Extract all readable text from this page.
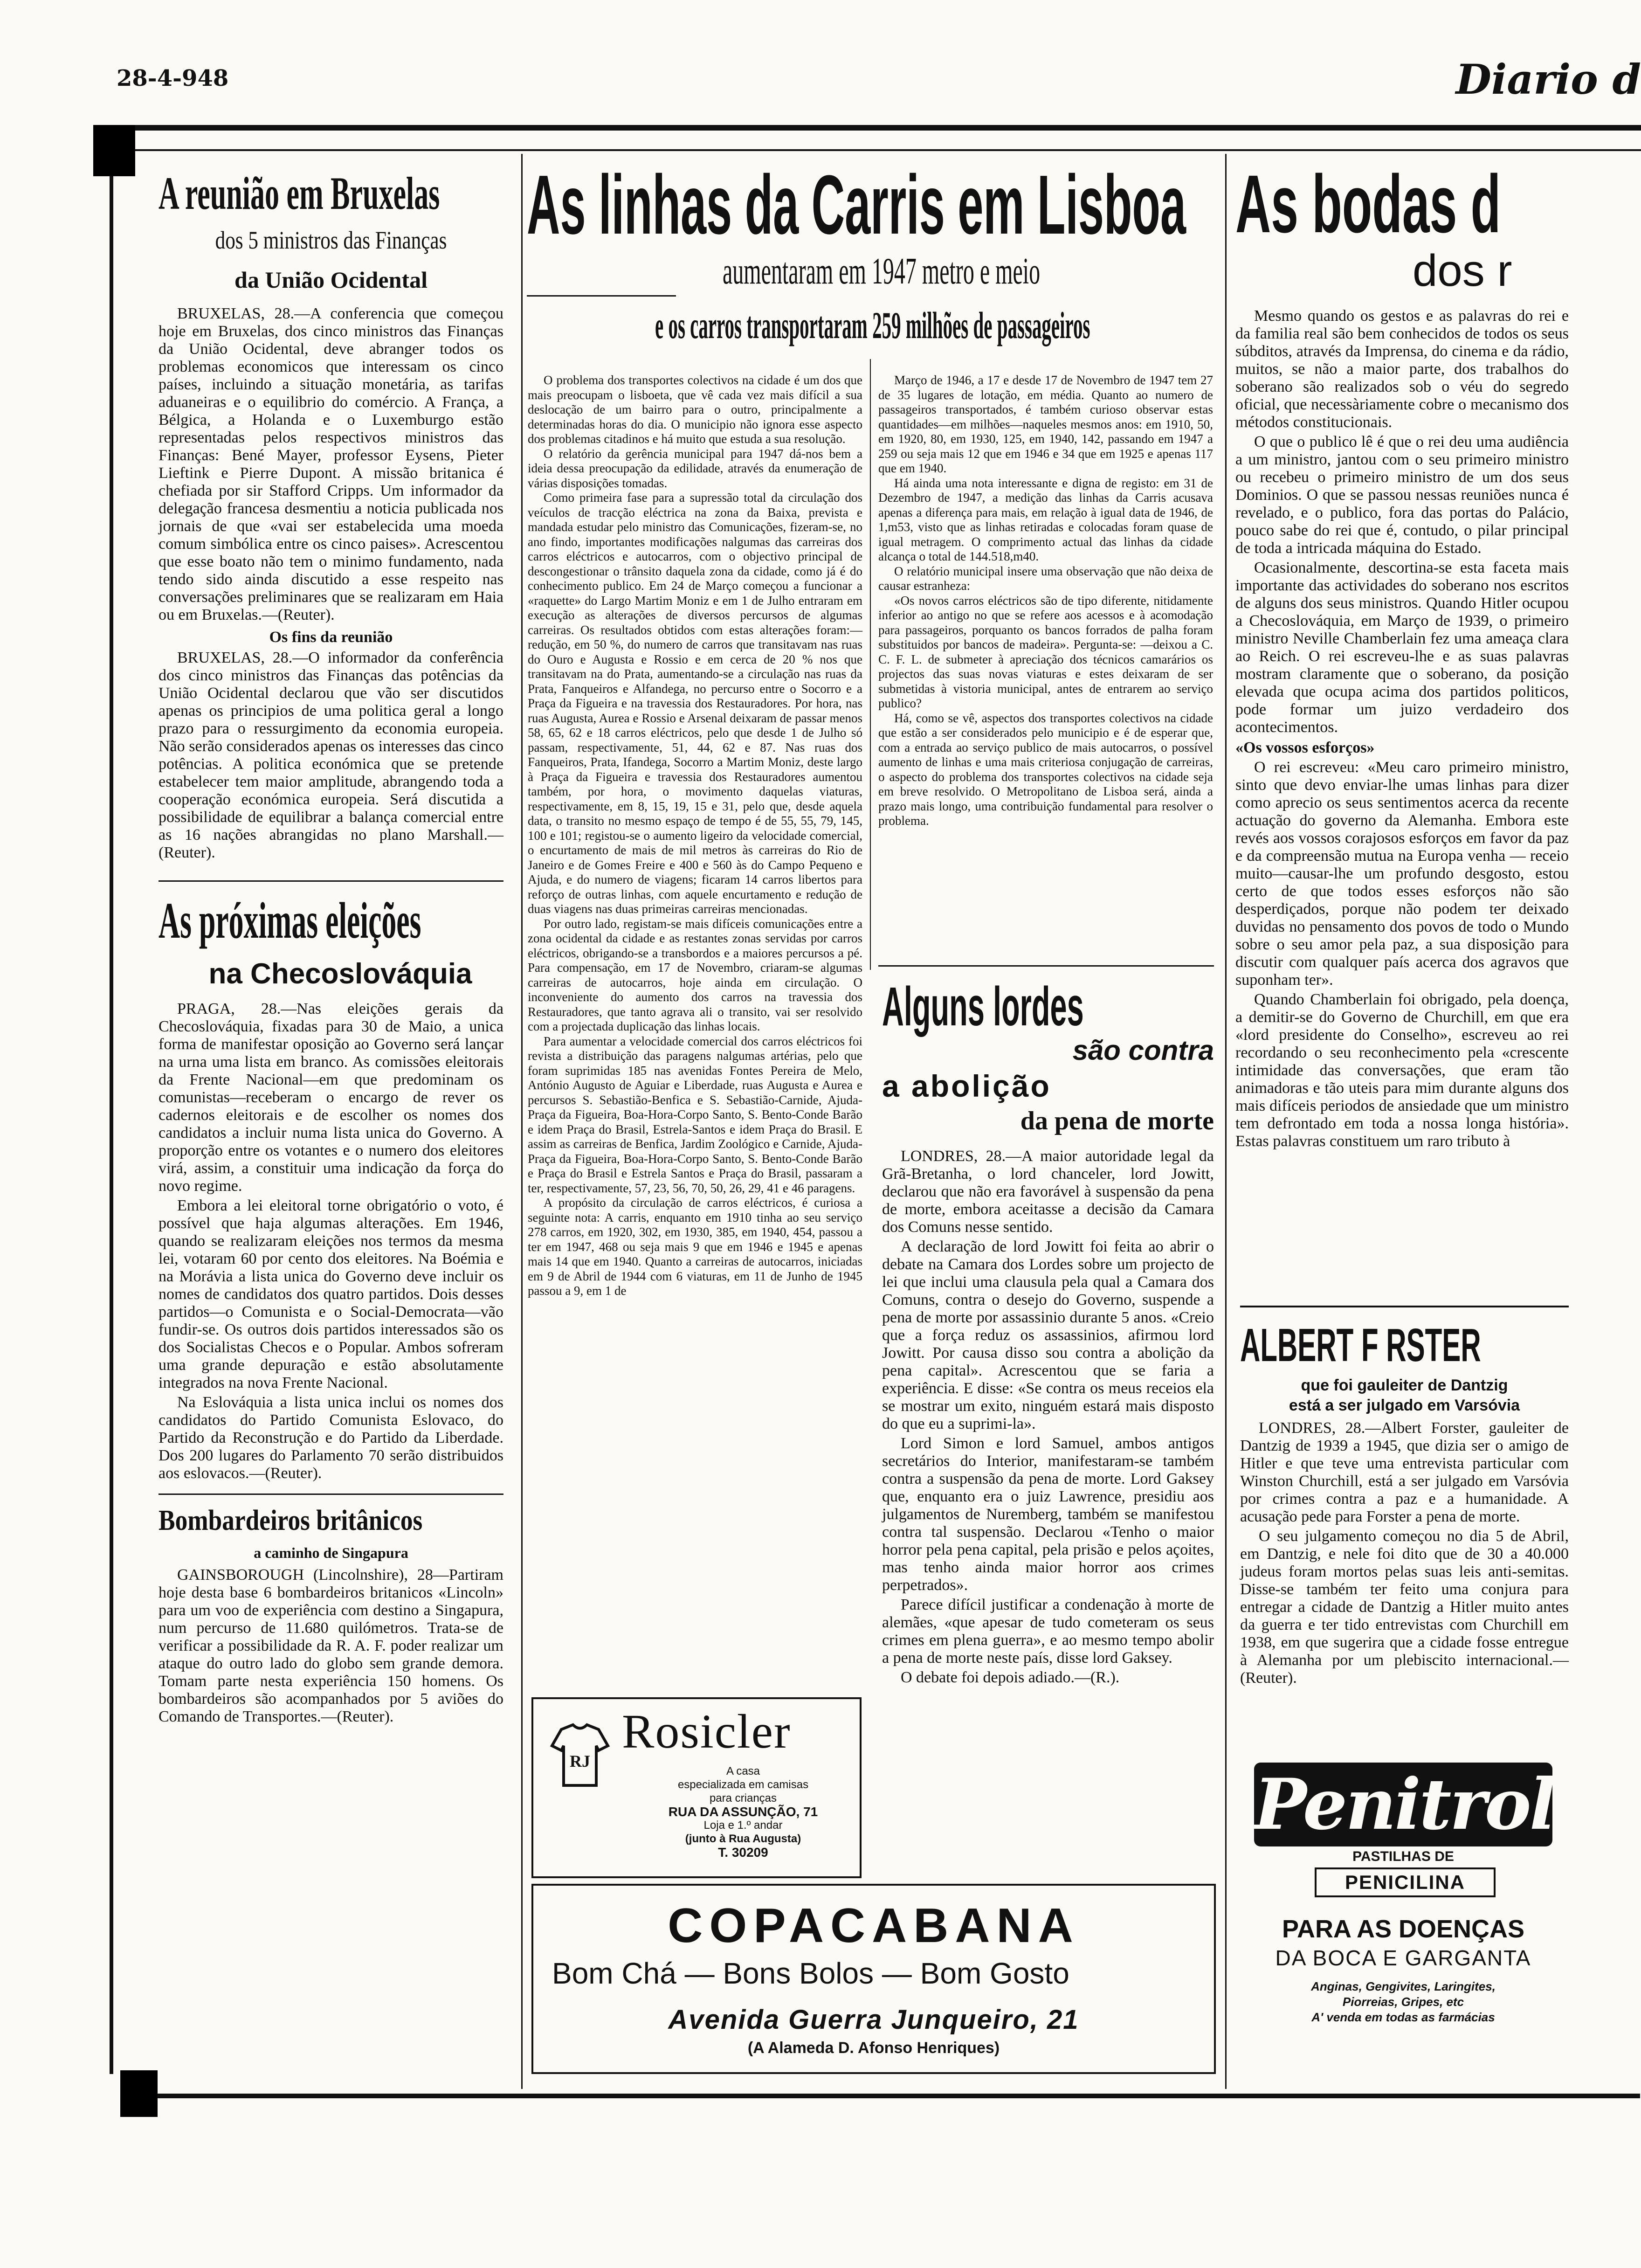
28-4-948	Diario d
A reunião em Bruxelas
dos 5 ministros das Finanças
da União Ocidental

BRUXELAS, 28.—A conferencia que começou hoje em Bruxelas, dos cinco ministros das Finanças da União Ocidental, deve abranger todos os problemas economicos que interessam os cinco países, incluindo a situação monetária, as tarifas aduaneiras e o equilibrio do comércio. A França, a Bélgica, a Holanda e o Luxemburgo estão representadas pelos respectivos ministros das Finanças: Bené Mayer, professor Eysens, Pieter Lieftink e Pierre Dupont. A missão britanica é chefiada por sir Stafford Cripps. Um informador da delegação francesa desmentiu a noticia publicada nos jornais de que «vai ser estabelecida uma moeda comum simbólica entre os cinco paises». Acrescentou que esse boato não tem o minimo fundamento, nada tendo sido ainda discutido a esse respeito nas conversações preliminares que se realizaram em Haia ou em Bruxelas.—(Reuter).

Os fins da reunião

BRUXELAS, 28.—O informador da conferência dos cinco ministros das Finanças das potências da União Ocidental declarou que vão ser discutidos apenas os principios de uma politica geral a longo prazo para o ressurgimento da economia europeia. Não serão considerados apenas os interesses das cinco potências. A politica económica que se pretende estabelecer tem maior amplitude, abrangendo toda a cooperação económica europeia. Será discutida a possibilidade de equilibrar a balança comercial entre as 16 nações abrangidas no plano Marshall.—(Reuter).

As próximas eleições
na Checoslováquia

PRAGA, 28.—Nas eleições gerais da Checoslováquia, fixadas para 30 de Maio, a unica forma de manifestar oposição ao Governo será lançar na urna uma lista em branco. As comissões eleitorais da Frente Nacional—em que predominam os comunistas—receberam o encargo de rever os cadernos eleitorais e de escolher os nomes dos candidatos a incluir numa lista unica do Governo. A proporção entre os votantes e o numero dos eleitores virá, assim, a constituir uma indicação da força do novo regime.

Embora a lei eleitoral torne obrigatório o voto, é possível que haja algumas alterações. Em 1946, quando se realizaram eleições nos termos da mesma lei, votaram 60 por cento dos eleitores. Na Boémia e na Morávia a lista unica do Governo deve incluir os nomes de candidatos dos quatro partidos. Dois desses partidos—o Comunista e o Social-Democrata—vão fundir-se. Os outros dois partidos interessados são os dos Socialistas Checos e o Popular. Ambos sofreram uma grande depuração e estão absolutamente integrados na nova Frente Nacional.

Na Eslováquia a lista unica inclui os nomes dos candidatos do Partido Comunista Eslovaco, do Partido da Reconstrução e do Partido da Liberdade. Dos 200 lugares do Parlamento 70 serão distribuidos aos eslovacos.—(Reuter).

Bombardeiros britânicos
a caminho de Singapura

GAINSBOROUGH (Lincolnshire), 28—Partiram hoje desta base 6 bombardeiros britanicos «Lincoln» para um voo de experiência com destino a Singapura, num percurso de 11.680 quilómetros. Trata-se de verificar a possibilidade da R. A. F. poder realizar um ataque do outro lado do globo sem grande demora. Tomam parte nesta experiência 150 homens. Os bombardeiros são acompanhados por 5 aviões do Comando de Transportes.—(Reuter).

As linhas da Carris em Lisboa
aumentaram em 1947 metro e meio
e os carros transportaram 259 milhões de passageiros

O problema dos transportes colectivos na cidade é um dos que mais preocupam o lisboeta, que vê cada vez mais difícil a sua deslocação de um bairro para o outro, principalmente a determinadas horas do dia. O municipio não ignora esse aspecto dos problemas citadinos e há muito que estuda a sua resolução.

O relatório da gerência municipal para 1947 dá-nos bem a ideia dessa preocupação da edilidade, através da enumeração de várias disposições tomadas.

Como primeira fase para a supressão total da circulação dos veículos de tracção eléctrica na zona da Baixa, prevista e mandada estudar pelo ministro das Comunicações, fizeram-se, no ano findo, importantes modificações nalgumas das carreiras dos carros eléctricos e autocarros, com o objectivo principal de descongestionar o trânsito daquela zona da cidade, como já é do conhecimento publico. Em 24 de Março começou a funcionar a «raquette» do Largo Martim Moniz e em 1 de Julho entraram em execução as alterações de diversos percursos de algumas carreiras. Os resultados obtidos com estas alterações foram:—redução, em 50 %, do numero de carros que transitavam nas ruas do Ouro e Augusta e Rossio e em cerca de 20 % nos que transitavam na do Prata, aumentando-se a circulação nas ruas da Prata, Fanqueiros e Alfandega, no percurso entre o Socorro e a Praça da Figueira e na travessia dos Restauradores. Por hora, nas ruas Augusta, Aurea e Rossio e Arsenal deixaram de passar menos 58, 65, 62 e 18 carros eléctricos, pelo que desde 1 de Julho só passam, respectivamente, 51, 44, 62 e 87. Nas ruas dos Fanqueiros, Prata, Ifandega, Socorro a Martim Moniz, deste largo à Praça da Figueira e travessia dos Restauradores aumentou também, por hora, o movimento daquelas viaturas, respectivamente, em 8, 15, 19, 15 e 31, pelo que, desde aquela data, o transito no mesmo espaço de tempo é de 55, 55, 79, 145, 100 e 101; registou-se o aumento ligeiro da velocidade comercial, o encurtamento de mais de mil metros às carreiras do Rio de Janeiro e de Gomes Freire e 400 e 560 às do Campo Pequeno e Ajuda, e do numero de viagens; ficaram 14 carros libertos para reforço de outras linhas, com aquele encurtamento e redução de duas viagens nas duas primeiras carreiras mencionadas.

Por outro lado, registam-se mais difíceis comunicações entre a zona ocidental da cidade e as restantes zonas servidas por carros eléctricos, obrigando-se a transbordos e a maiores percursos a pé. Para compensação, em 17 de Novembro, criaram-se algumas carreiras de autocarros, hoje ainda em circulação. O inconveniente do aumento dos carros na travessia dos Restauradores, que tanto agrava ali o transito, vai ser resolvido com a projectada duplicação das linhas locais.

Para aumentar a velocidade comercial dos carros eléctricos foi revista a distribuição das paragens nalgumas artérias, pelo que foram suprimidas 185 nas avenidas Fontes Pereira de Melo, António Augusto de Aguiar e Liberdade, ruas Augusta e Aurea e percursos S. Sebastião-Benfica e S. Sebastião-Carnide, Ajuda-Praça da Figueira, Boa-Hora-Corpo Santo, S. Bento-Conde Barão e idem Praça do Brasil, Estrela-Santos e idem Praça do Brasil. E assim as carreiras de Benfica, Jardim Zoológico e Carnide, Ajuda-Praça da Figueira, Boa-Hora-Corpo Santo, S. Bento-Conde Barão e Praça do Brasil e Estrela Santos e Praça do Brasil, passaram a ter, respectivamente, 57, 23, 56, 70, 50, 26, 29, 41 e 46 paragens.

A propósito da circulação de carros eléctricos, é curiosa a seguinte nota: A carris, enquanto em 1910 tinha ao seu serviço 278 carros, em 1920, 302, em 1930, 385, em 1940, 454, passou a ter em 1947, 468 ou seja mais 9 que em 1946 e 1945 e apenas mais 14 que em 1940. Quanto a carreiras de autocarros, iniciadas em 9 de Abril de 1944 com 6 viaturas, em 11 de Junho de 1945 passou a 9, em 1 de

Março de 1946, a 17 e desde 17 de Novembro de 1947 tem 27 de 35 lugares de lotação, em média. Quanto ao numero de passageiros transportados, é também curioso observar estas quantidades—em milhões—naqueles mesmos anos: em 1910, 50, em 1920, 80, em 1930, 125, em 1940, 142, passando em 1947 a 259 ou seja mais 12 que em 1946 e 34 que em 1925 e apenas 117 que em 1940.

Há ainda uma nota interessante e digna de registo: em 31 de Dezembro de 1947, a medição das linhas da Carris acusava apenas a diferença para mais, em relação à igual data de 1946, de 1,m53, visto que as linhas retiradas e colocadas foram quase de igual metragem. O comprimento actual das linhas da cidade alcança o total de 144.518,m40.

O relatório municipal insere uma observação que não deixa de causar estranheza:

«Os novos carros eléctricos são de tipo diferente, nitidamente inferior ao antigo no que se refere aos acessos e à acomodação para passageiros, porquanto os bancos forrados de palha foram substituidos por bancos de madeira». Pergunta-se: —deixou a C. C. F. L. de submeter à apreciação dos técnicos camarários os projectos das suas novas viaturas e estes deixaram de ser submetidas à vistoria municipal, antes de entrarem ao serviço publico?

Há, como se vê, aspectos dos transportes colectivos na cidade que estão a ser considerados pelo municipio e é de esperar que, com a entrada ao serviço publico de mais autocarros, o possível aumento de linhas e uma mais criteriosa conjugação de carreiras, o aspecto do problema dos transportes colectivos na cidade seja em breve resolvido. O Metropolitano de Lisboa será, ainda a prazo mais longo, uma contribuição fundamental para resolver o problema.

Alguns lordes
são contra
a abolição
da pena de morte

LONDRES, 28.—A maior autoridade legal da Grã-Bretanha, o lord chanceler, lord Jowitt, declarou que não era favorável à suspensão da pena de morte, embora aceitasse a decisão da Camara dos Comuns nesse sentido.

A declaração de lord Jowitt foi feita ao abrir o debate na Camara dos Lordes sobre um projecto de lei que inclui uma clausula pela qual a Camara dos Comuns, contra o desejo do Governo, suspende a pena de morte por assassinio durante 5 anos. «Creio que a força reduz os assassinios, afirmou lord Jowitt. Por causa disso sou contra a abolição da pena capital». Acrescentou que se faria a experiência. E disse: «Se contra os meus receios ela se mostrar um exito, ninguém estará mais disposto do que eu a suprimi-la».

Lord Simon e lord Samuel, ambos antigos secretários do Interior, manifestaram-se também contra a suspensão da pena de morte. Lord Gaksey que, enquanto era o juiz Lawrence, presidiu aos julgamentos de Nuremberg, também se manifestou contra tal suspensão. Declarou «Tenho o maior horror pela pena capital, pela prisão e pelos açoites, mas tenho ainda maior horror aos crimes perpetrados».

Parece difícil justificar a condenação à morte de alemães, «que apesar de tudo cometeram os seus crimes em plena guerra», e ao mesmo tempo abolir a pena de morte neste país, disse lord Gaksey.

O debate foi depois adiado.—(R.).

RJ
Rosicler
A casa
especializada em camisas
para crianças
RUA DA ASSUNÇÃO, 71
Loja e 1.º andar
(junto à Rua Augusta)
T. 30209
COPACABANA
Bom Chá — Bons Bolos — Bom Gosto
Avenida Guerra Junqueiro, 21
(A Alameda D. Afonso Henriques)
As bodas d
dos r

Mesmo quando os gestos e as palavras do rei e da familia real são bem conhecidos de todos os seus súbditos, através da Imprensa, do cinema e da rádio, muitos, se não a maior parte, dos trabalhos do soberano são realizados sob o véu do segredo oficial, que necessàriamente cobre o mecanismo dos métodos constitucionais.

O que o publico lê é que o rei deu uma audiência a um ministro, jantou com o seu primeiro ministro ou recebeu o primeiro ministro de um dos seus Dominios. O que se passou nessas reuniões nunca é revelado, e o publico, fora das portas do Palácio, pouco sabe do rei que é, contudo, o pilar principal de toda a intricada máquina do Estado.

Ocasionalmente, descortina-se esta faceta mais importante das actividades do soberano nos escritos de alguns dos seus ministros. Quando Hitler ocupou a Checoslováquia, em Março de 1939, o primeiro ministro Neville Chamberlain fez uma ameaça clara ao Reich. O rei escreveu-lhe e as suas palavras mostram claramente que o soberano, da posição elevada que ocupa acima dos partidos politicos, pode formar um juizo verdadeiro dos acontecimentos.

«Os vossos esforços»

O rei escreveu: «Meu caro primeiro ministro, sinto que devo enviar-lhe umas linhas para dizer como aprecio os seus sentimentos acerca da recente actuação do governo da Alemanha. Embora este revés aos vossos corajosos esforços em favor da paz e da compreensão mutua na Europa venha — receio muito—causar-lhe um profundo desgosto, estou certo de que todos esses esforços não são desperdiçados, porque não podem ter deixado duvidas no pensamento dos povos de todo o Mundo sobre o seu amor pela paz, a sua disposição para discutir com qualquer país acerca dos agravos que suponham ter».

Quando Chamberlain foi obrigado, pela doença, a demitir-se do Governo de Churchill, em que era «lord presidente do Conselho», escreveu ao rei recordando o seu reconhecimento pela «crescente intimidade das conversações, que eram tão animadoras e tão uteis para mim durante alguns dos mais difíceis periodos de ansiedade que um ministro tem defrontado em toda a nossa longa história». Estas palavras constituem um raro tributo à

ALBERT F RSTER
que foi gauleiter de Dantzig
está a ser julgado em Varsóvia

LONDRES, 28.—Albert Forster, gauleiter de Dantzig de 1939 a 1945, que dizia ser o amigo de Hitler e que teve uma entrevista particular com Winston Churchill, está a ser julgado em Varsóvia por crimes contra a paz e a humanidade. A acusação pede para Forster a pena de morte.

O seu julgamento começou no dia 5 de Abril, em Dantzig, e nele foi dito que de 30 a 40.000 judeus foram mortos pelas suas leis anti-semitas. Disse-se também ter feito uma conjura para entregar a cidade de Dantzig a Hitler muito antes da guerra e ter tido entrevistas com Churchill em 1938, em que sugerira que a cidade fosse entregue à Alemanha por um plebiscito internacional.—(Reuter).

Penitrol
PASTILHAS DE
PENICILINA
PARA AS DOENÇAS
DA BOCA E GARGANTA
Anginas, Gengivites, Laringites,
Piorreias, Gripes, etc
A' venda em todas as farmácias
